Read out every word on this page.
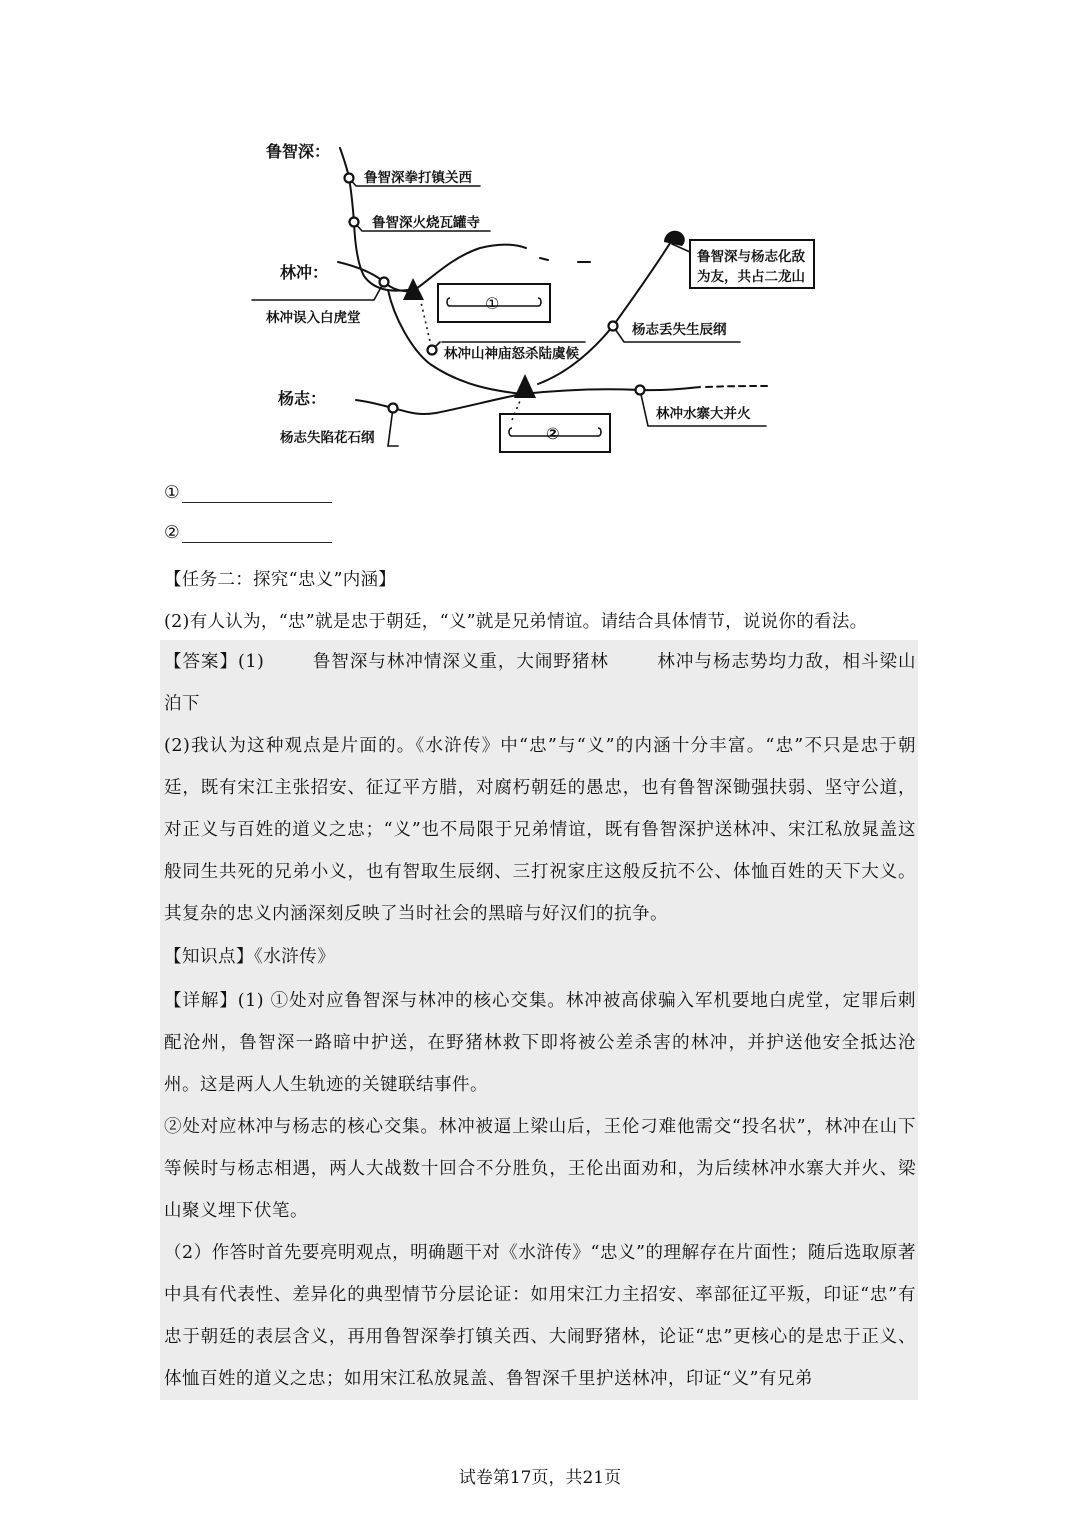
鲁智深：
林冲：
杨志：
鲁智深拳打镇关西
鲁智深火烧瓦罐寺
林冲误入白虎堂
林冲山神庙怒杀陆虞候
杨志失陷花石纲
杨志丢失生辰纲
林冲水寨大并火
鲁智深与杨志化敌
为友，共占二龙山
①
②
①
②
【任务二：探究“忠义”内涵】
(2)有人认为，“忠”就是忠于朝廷，“义”就是兄弟情谊。请结合具体情节，说说你的看法。
【答案】(1)	鲁智深与林冲情深义重，大闹野猪林	林冲与杨志势均力敌，相斗梁山泊下
(2)我认为这种观点是片面的。《水浒传》中“忠”与“义”的内涵十分丰富。“忠”不只是忠于朝廷，既有宋江主张招安、征辽平方腊，对腐朽朝廷的愚忠，也有鲁智深锄强扶弱、坚守公道，对正义与百姓的道义之忠；“义”也不局限于兄弟情谊，既有鲁智深护送林冲、宋江私放晁盖这般同生共死的兄弟小义，也有智取生辰纲、三打祝家庄这般反抗不公、体恤百姓的天下大义。其复杂的忠义内涵深刻反映了当时社会的黑暗与好汉们的抗争。
【知识点】《水浒传》
【详解】(1) ①处对应鲁智深与林冲的核心交集。林冲被高俅骗入军机要地白虎堂，定罪后刺配沧州，鲁智深一路暗中护送，在野猪林救下即将被公差杀害的林冲，并护送他安全抵达沧州。这是两人人生轨迹的关键联结事件。
②处对应林冲与杨志的核心交集。林冲被逼上梁山后，王伦刁难他需交“投名状”，林冲在山下等候时与杨志相遇，两人大战数十回合不分胜负，王伦出面劝和，为后续林冲水寨大并火、梁山聚义埋下伏笔。
（2）作答时首先要亮明观点，明确题干对《水浒传》“忠义”的理解存在片面性；随后选取原著中具有代表性、差异化的典型情节分层论证：如用宋江力主招安、率部征辽平叛，印证“忠”有忠于朝廷的表层含义，再用鲁智深拳打镇关西、大闹野猪林，论证“忠”更核心的是忠于正义、体恤百姓的道义之忠；如用宋江私放晁盖、鲁智深千里护送林冲，印证“义”有兄弟
试卷第17页，共21页
